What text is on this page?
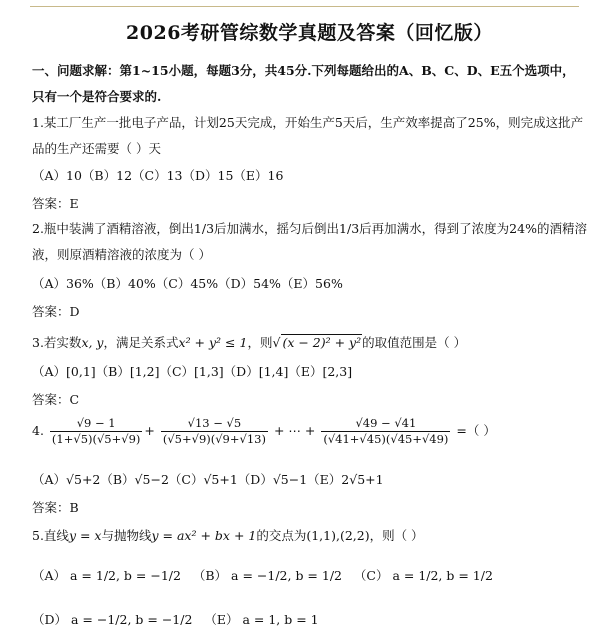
2026考研管综数学真题及答案（回忆版）
一、问题求解：第1~15小题，每题3分，共45分.下列每题给出的A、B、C、D、E五个选项中，只有一个是符合要求的.
1.某工厂生产一批电子产品，计划25天完成，开始生产5天后，生产效率提高了25%，则完成这批产品的生产还需要（ ）天
（A）10（B）12（C）13（D）15（E）16
答案：E
2.瓶中装满了酒精溶液，倒出1/3后加满水，摇匀后倒出1/3后再加满水，得到了浓度为24%的酒精溶液，则原酒精溶液的浓度为（ ）
（A）36%（B）40%（C）45%（D）54%（E）56%
答案：D
3.若实数x, y，满足关系式x² + y² ≤ 1，则√ (x − 2)² + y²的取值范围是（ ）
（A）[0,1]（B）[1,2]（C）[1,3]（D）[1,4]（E）[2,3]
答案：C
4. $\frac{√9 - 1}{(1+√5)(√5+√9)} + \frac{√13 - √5}{(√5+√9)(√9+√13)}$ + ⋯ + $\frac{√49 - √41}{(√41+√45)(√45+√49)}$ =（ ）
（A）√5+2（B）√5−2（C）√5+1（D）√5−1（E）2√5+1
答案：B
5.直线y = x与抛物线y = ax² + bx + 1的交点为(1,1),(2,2)，则（ ）
（A） a = 1/2, b = −1/2 （B） a = −1/2, b = 1/2 （C） a = 1/2, b = 1/2
（D） a = −1/2, b = −1/2 （E） a = 1, b = 1
